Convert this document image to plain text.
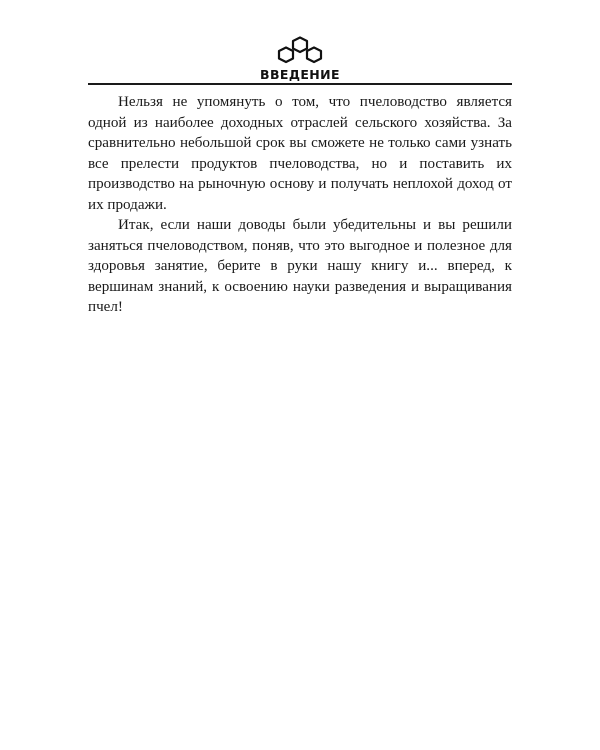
ВВЕДЕНИЕ

Нельзя не упомянуть о том, что пчеловодство является одной из наиболее доходных отраслей сельского хозяйства. За сравнительно небольшой срок вы сможете не только сами узнать все прелести продуктов пчеловодства, но и поставить их производство на рыночную основу и получать неплохой доход от их продажи.

Итак, если наши доводы были убедительны и вы решили заняться пчеловодством, поняв, что это выгодное и полезное для здоровья занятие, берите в руки нашу книгу и... вперед, к вершинам знаний, к освоению науки разведения и выращивания пчел!
